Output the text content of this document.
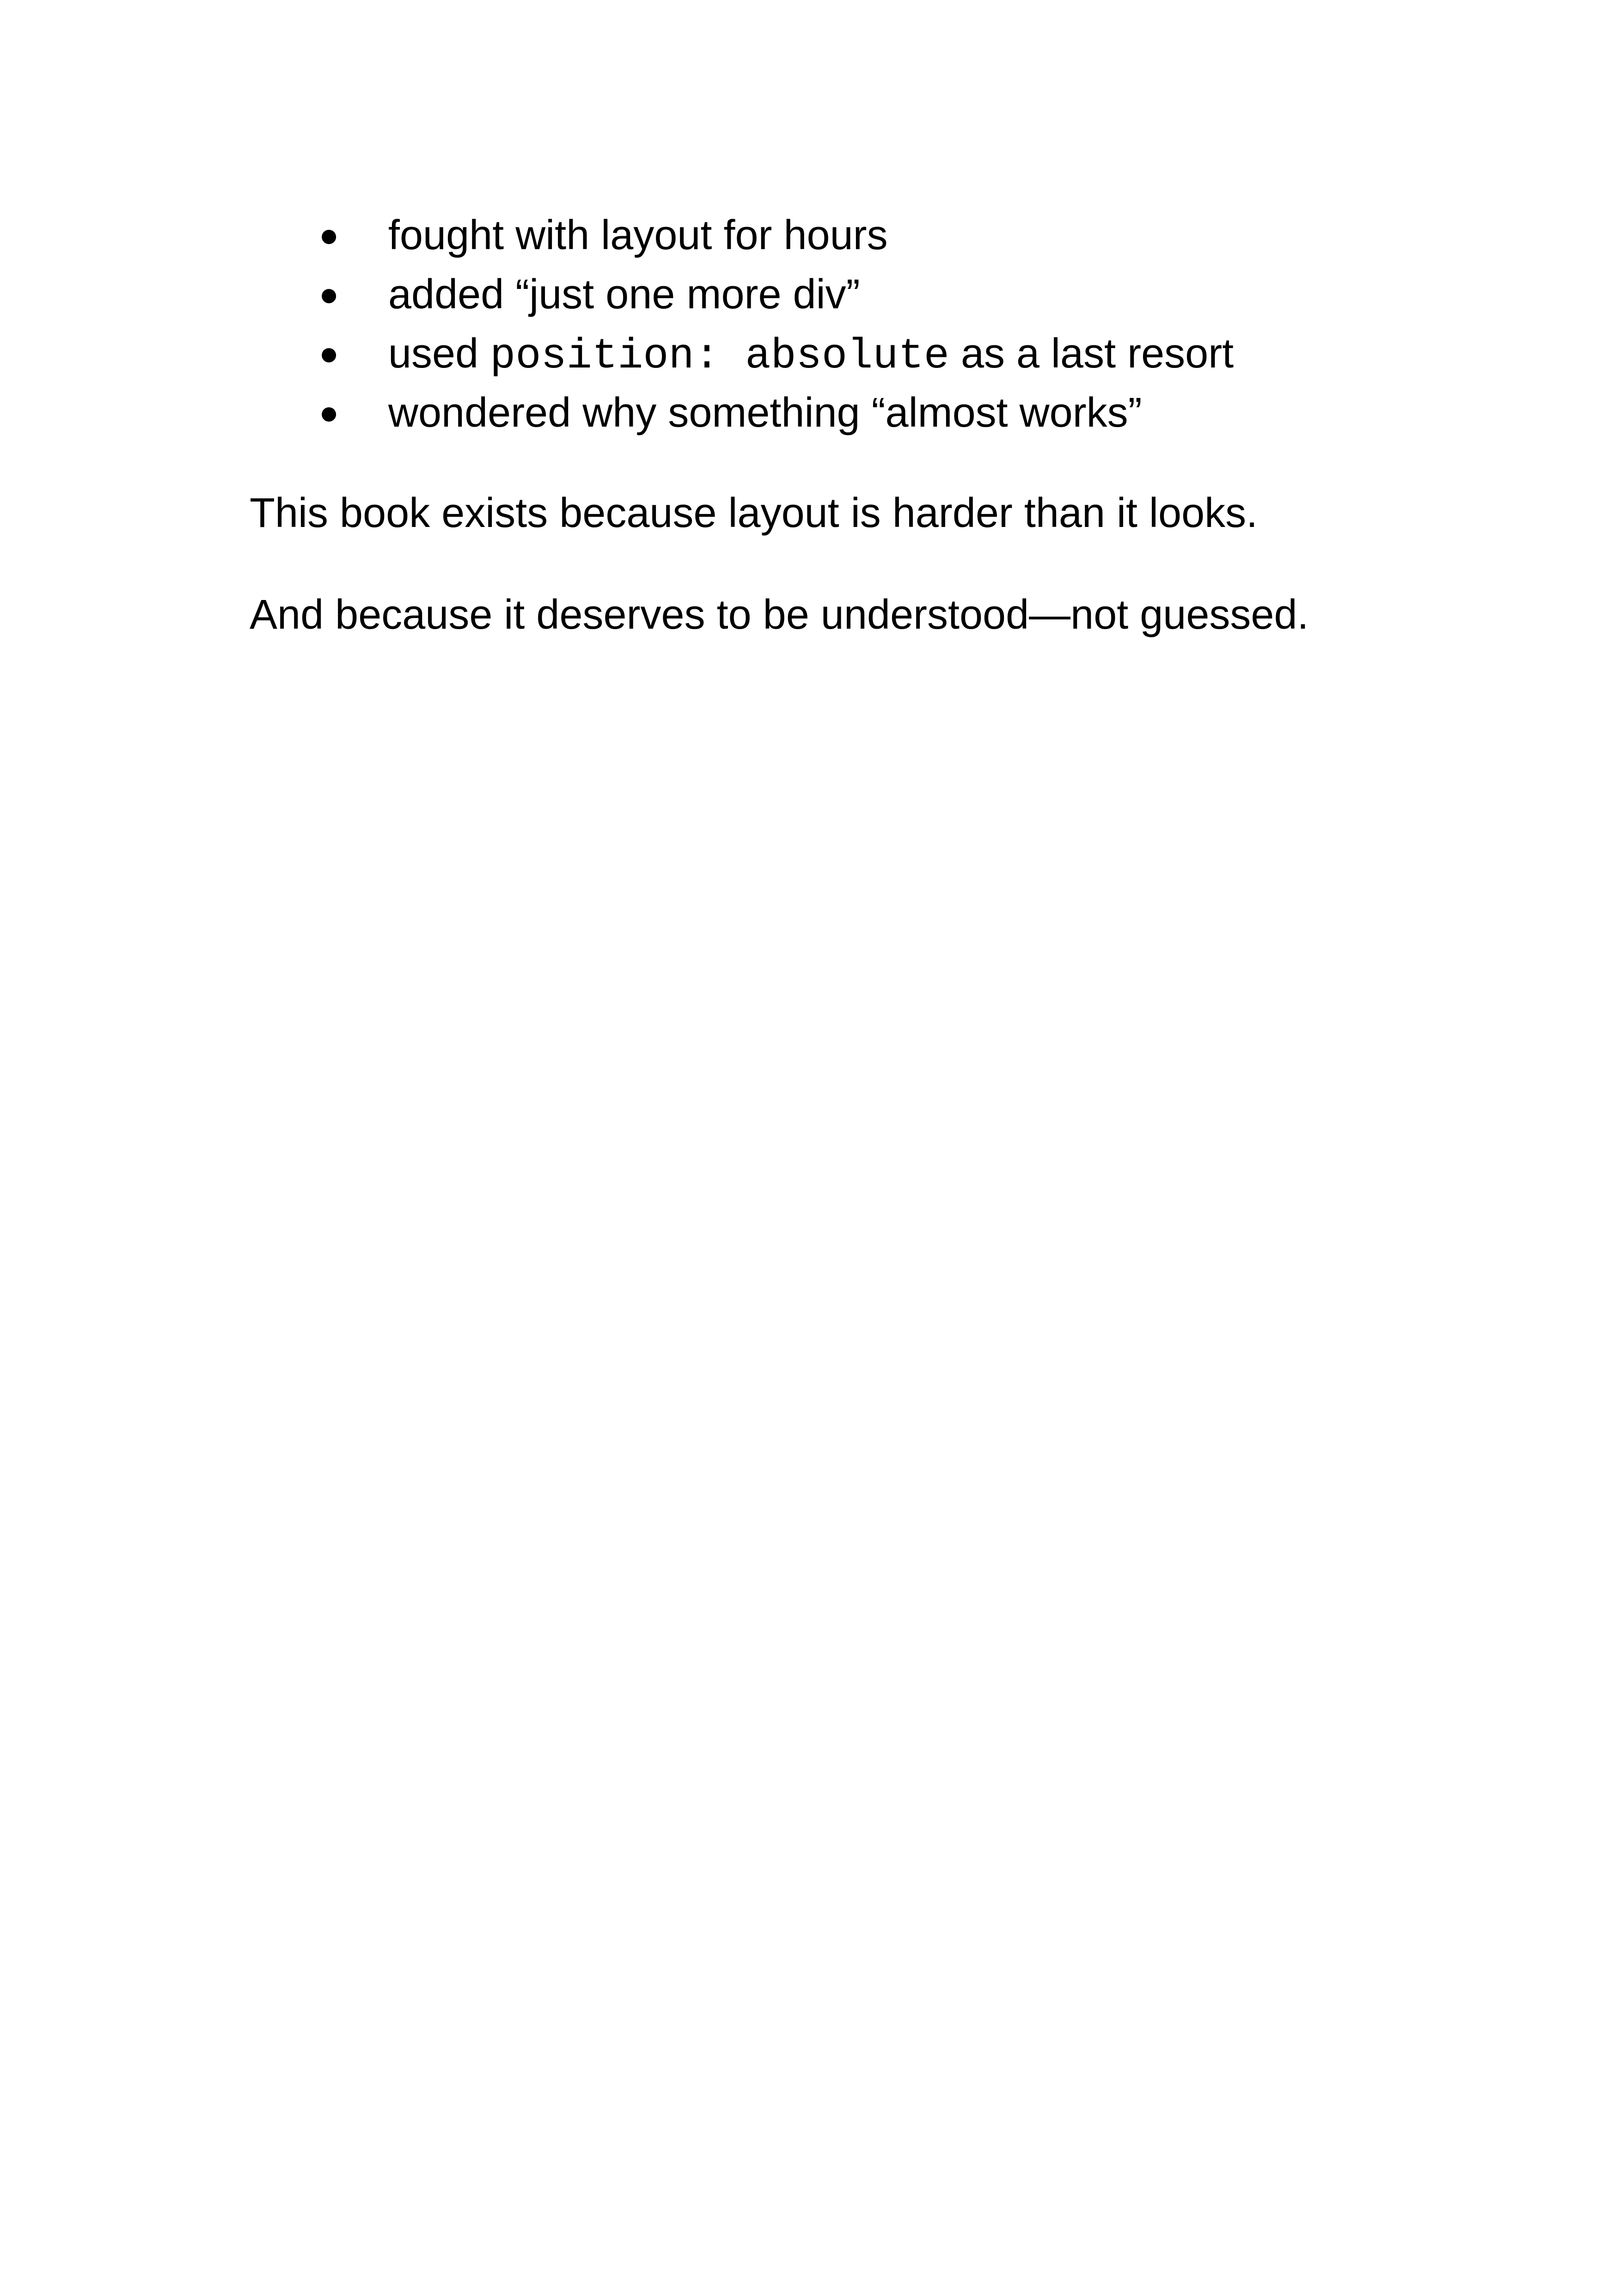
● fought with layout for hours
● added “just one more div”
● used position: absolute as a last resort
● wondered why something “almost works”

This book exists because layout is harder than it looks.

And because it deserves to be understood—not guessed.
